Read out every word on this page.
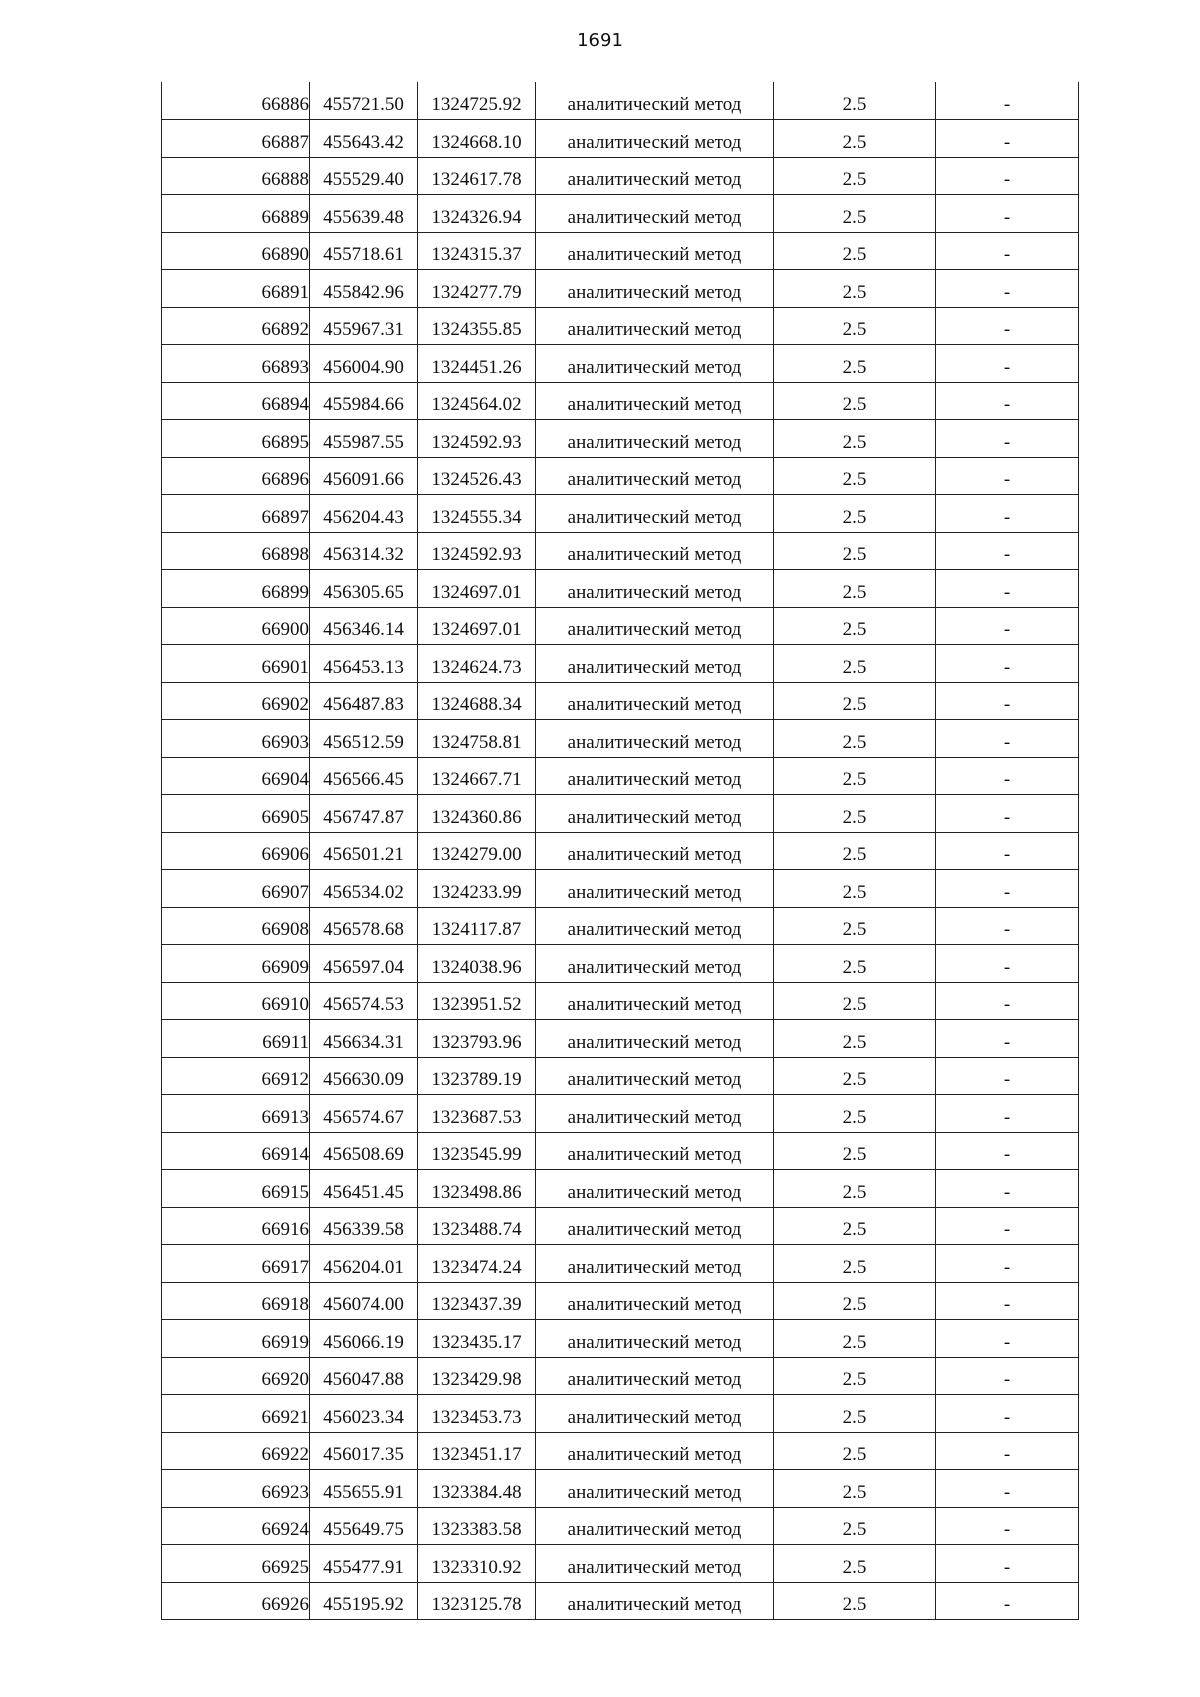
1691
66886	455721.50	1324725.92	аналитический метод	2.5	-
66887	455643.42	1324668.10	аналитический метод	2.5	-
66888	455529.40	1324617.78	аналитический метод	2.5	-
66889	455639.48	1324326.94	аналитический метод	2.5	-
66890	455718.61	1324315.37	аналитический метод	2.5	-
66891	455842.96	1324277.79	аналитический метод	2.5	-
66892	455967.31	1324355.85	аналитический метод	2.5	-
66893	456004.90	1324451.26	аналитический метод	2.5	-
66894	455984.66	1324564.02	аналитический метод	2.5	-
66895	455987.55	1324592.93	аналитический метод	2.5	-
66896	456091.66	1324526.43	аналитический метод	2.5	-
66897	456204.43	1324555.34	аналитический метод	2.5	-
66898	456314.32	1324592.93	аналитический метод	2.5	-
66899	456305.65	1324697.01	аналитический метод	2.5	-
66900	456346.14	1324697.01	аналитический метод	2.5	-
66901	456453.13	1324624.73	аналитический метод	2.5	-
66902	456487.83	1324688.34	аналитический метод	2.5	-
66903	456512.59	1324758.81	аналитический метод	2.5	-
66904	456566.45	1324667.71	аналитический метод	2.5	-
66905	456747.87	1324360.86	аналитический метод	2.5	-
66906	456501.21	1324279.00	аналитический метод	2.5	-
66907	456534.02	1324233.99	аналитический метод	2.5	-
66908	456578.68	1324117.87	аналитический метод	2.5	-
66909	456597.04	1324038.96	аналитический метод	2.5	-
66910	456574.53	1323951.52	аналитический метод	2.5	-
66911	456634.31	1323793.96	аналитический метод	2.5	-
66912	456630.09	1323789.19	аналитический метод	2.5	-
66913	456574.67	1323687.53	аналитический метод	2.5	-
66914	456508.69	1323545.99	аналитический метод	2.5	-
66915	456451.45	1323498.86	аналитический метод	2.5	-
66916	456339.58	1323488.74	аналитический метод	2.5	-
66917	456204.01	1323474.24	аналитический метод	2.5	-
66918	456074.00	1323437.39	аналитический метод	2.5	-
66919	456066.19	1323435.17	аналитический метод	2.5	-
66920	456047.88	1323429.98	аналитический метод	2.5	-
66921	456023.34	1323453.73	аналитический метод	2.5	-
66922	456017.35	1323451.17	аналитический метод	2.5	-
66923	455655.91	1323384.48	аналитический метод	2.5	-
66924	455649.75	1323383.58	аналитический метод	2.5	-
66925	455477.91	1323310.92	аналитический метод	2.5	-
66926	455195.92	1323125.78	аналитический метод	2.5	-
